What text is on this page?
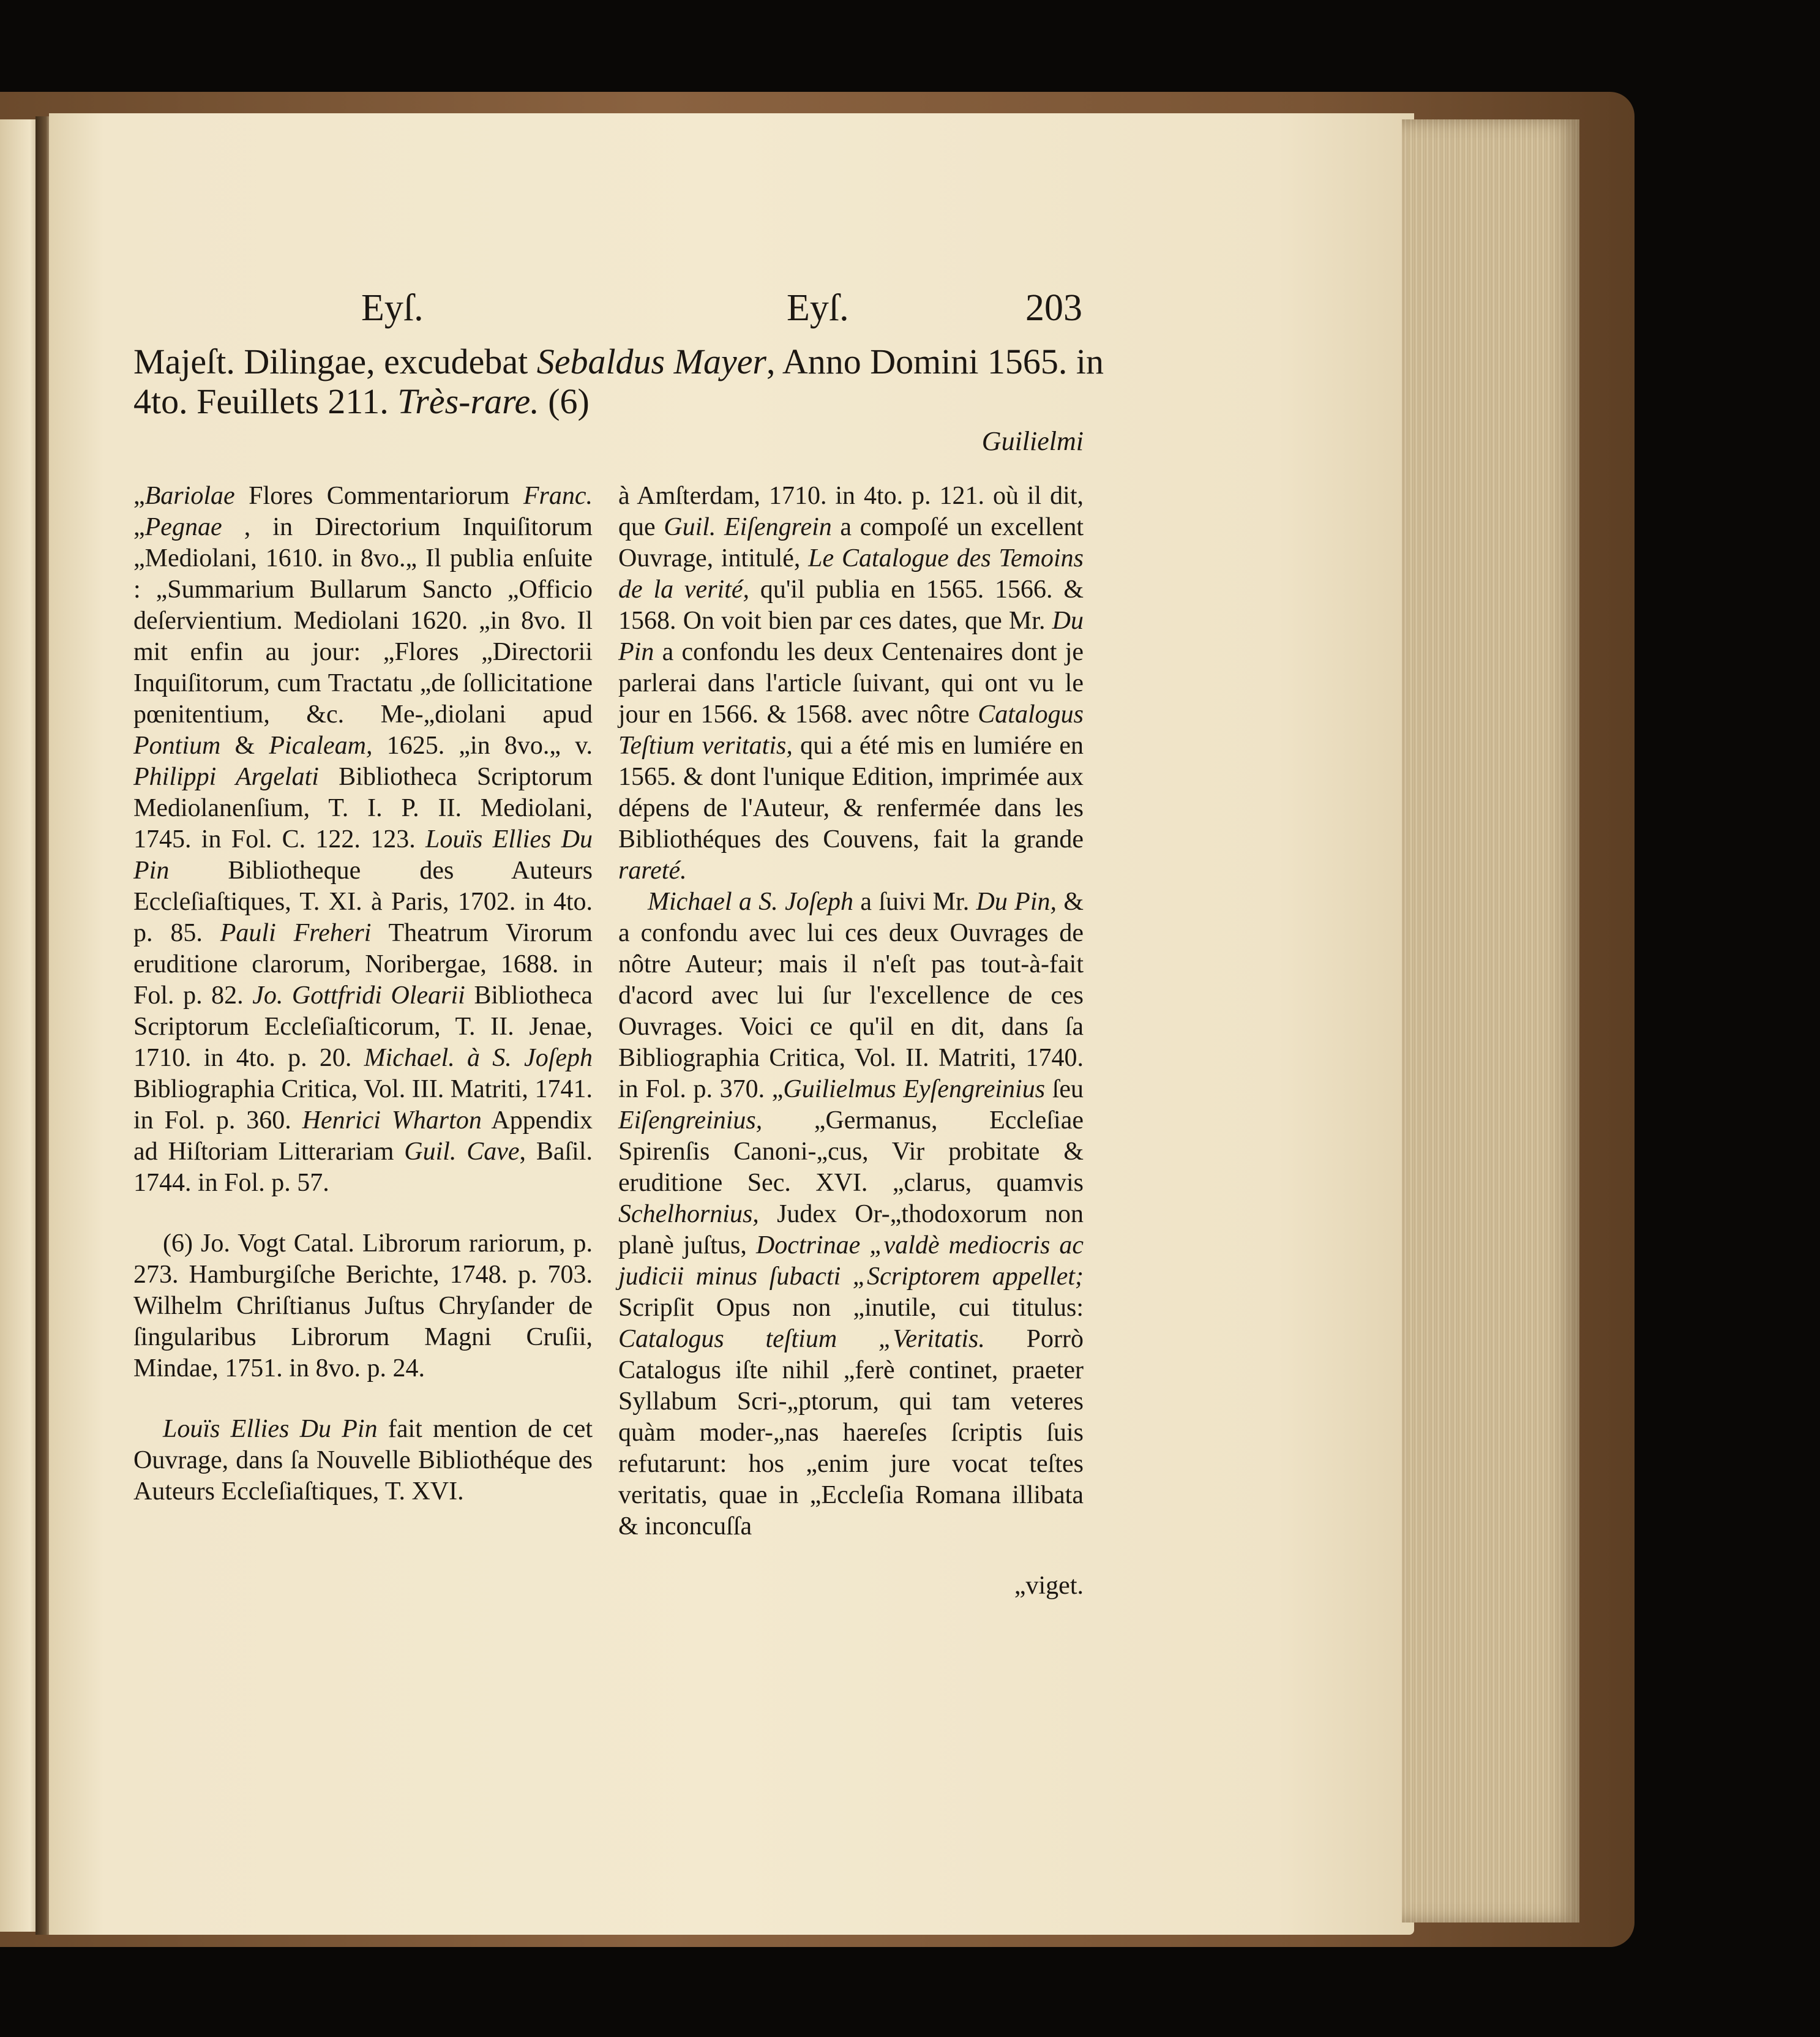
Eyſ.	Eyſ.	203
Majeſt. Dilingae, excudebat Sebaldus Mayer, Anno Domini 1565. in
4to. Feuillets 211. Très-rare. (6)
Guilielmi

„Bariolae Flores Commentariorum Franc. „Pegnae , in Directorium Inquiſitorum „Mediolani, 1610. in 8vo.„ Il publia enſuite : „Summarium Bullarum Sancto „Officio deſervientium. Mediolani 1620. „in 8vo. Il mit enfin au jour: „Flores „Directorii Inquiſitorum, cum Tractatu „de ſollicitatione pœnitentium, &c. Me-„diolani apud Pontium & Picaleam, 1625. „in 8vo.„ v. Philippi Argelati Bibliotheca Scriptorum Mediolanenſium, T. I. P. II. Mediolani, 1745. in Fol. C. 122. 123. Louïs Ellies Du Pin Bibliotheque des Auteurs Eccleſiaſtiques, T. XI. à Paris, 1702. in 4to. p. 85. Pauli Freheri Theatrum Virorum eruditione clarorum, Noribergae, 1688. in Fol. p. 82. Jo. Gottfridi Olearii Bibliotheca Scriptorum Eccleſiaſticorum, T. II. Jenae, 1710. in 4to. p. 20. Michael. à S. Joſeph Bibliographia Critica, Vol. III. Matriti, 1741. in Fol. p. 360. Henrici Wharton Appendix ad Hiſtoriam Litterariam Guil. Cave, Baſil. 1744. in Fol. p. 57.

(6) Jo. Vogt Catal. Librorum rariorum, p. 273. Hamburgiſche Berichte, 1748. p. 703. Wilhelm Chriſtianus Juſtus Chryſander de ſingularibus Librorum Magni Cruſii, Mindae, 1751. in 8vo. p. 24.

Louïs Ellies Du Pin fait mention de cet Ouvrage, dans ſa Nouvelle Bibliothéque des Auteurs Eccleſiaſtiques, T. XVI.

à Amſterdam, 1710. in 4to. p. 121. où il dit, que Guil. Eiſengrein a compoſé un excellent Ouvrage, intitulé, Le Catalogue des Temoins de la verité, qu'il publia en 1565. 1566. & 1568. On voit bien par ces dates, que Mr. Du Pin a confondu les deux Centenaires dont je parlerai dans l'article ſuivant, qui ont vu le jour en 1566. & 1568. avec nôtre Catalogus Teſtium veritatis, qui a été mis en lumiére en 1565. & dont l'unique Edition, imprimée aux dépens de l'Auteur, & renfermée dans les Bibliothéques des Couvens, fait la grande rareté.

Michael a S. Joſeph a ſuivi Mr. Du Pin, & a confondu avec lui ces deux Ouvrages de nôtre Auteur; mais il n'eſt pas tout-à-fait d'acord avec lui ſur l'excellence de ces Ouvrages. Voici ce qu'il en dit, dans ſa Bibliographia Critica, Vol. II. Matriti, 1740. in Fol. p. 370. „Guilielmus Eyſengreinius ſeu Eiſengreinius, „Germanus, Eccleſiae Spirenſis Canoni-„cus, Vir probitate & eruditione Sec. XVI. „clarus, quamvis Schelhornius, Judex Or-„thodoxorum non planè juſtus, Doctrinae „valdè mediocris ac judicii minus ſubacti „Scriptorem appellet; Scripſit Opus non „inutile, cui titulus: Catalogus teſtium „Veritatis. Porrò Catalogus iſte nihil „ferè continet, praeter Syllabum Scri-„ptorum, qui tam veteres quàm moder-„nas haereſes ſcriptis ſuis refutarunt: hos „enim jure vocat teſtes veritatis, quae in „Eccleſia Romana illibata & inconcuſſa

„viget.
